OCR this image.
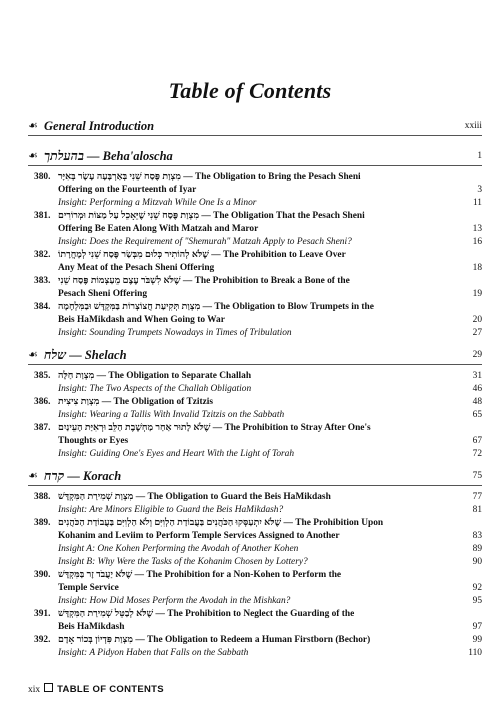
Table of Contents
☙ General Introduction	xxiii
☙ בהעלתך — Beha'aloscha	1
380. מִצְוַת פֶּסַח שֵׁנִי בְּאַרְבָּעָה עָשָׂר בְּאִיָּר — The Obligation to Bring the Pesach Sheni
Offering on the Fourteenth of Iyar	3
Insight: Performing a Mitzvah While One Is a Minor	11
381. מִצְוַת פֶּסַח שֵׁנִי שֶׁיֵּאָכֵל עַל מַצּוֹת וּמְרוֹרִים — The Obligation That the Pesach Sheni
Offering Be Eaten Along With Matzah and Maror	13
Insight: Does the Requirement of "Shemurah" Matzah Apply to Pesach Sheni?	16
382. שֶׁלֹּא לְהוֹתִיר כְּלוּם מִבְּשַׂר פֶּסַח שֵׁנִי לְמָחֳרָתוֹ — The Prohibition to Leave Over
Any Meat of the Pesach Sheni Offering	18
383. שֶׁלֹּא לִשְׁבֹּר עֶצֶם מֵעַצְמוֹת פֶּסַח שֵׁנִי — The Prohibition to Break a Bone of the
Pesach Sheni Offering	19
384. מִצְוַת תְּקִיעַת חֲצוֹצְרוֹת בַּמִּקְדָּשׁ וּבַמִּלְחָמָה — The Obligation to Blow Trumpets in the
Beis HaMikdash and When Going to War	20
Insight: Sounding Trumpets Nowadays in Times of Tribulation	27
☙ שלח — Shelach	29
385. מִצְוַת חַלָּה — The Obligation to Separate Challah	31
Insight: The Two Aspects of the Challah Obligation	46
386. מִצְוַת צִיצִית — The Obligation of Tzitzis	48
Insight: Wearing a Tallis With Invalid Tzitzis on the Sabbath	65
387. שֶׁלֹּא לָתוּר אַחַר מַחְשֶׁבֶת הַלֵּב וּרְאִיַּת הָעֵינַיִם — The Prohibition to Stray After One's
Thoughts or Eyes	67
Insight: Guiding One's Eyes and Heart With the Light of Torah	72
☙ קרח — Korach	75
388. מִצְוַת שְׁמִירַת הַמִּקְדָּשׁ — The Obligation to Guard the Beis HaMikdash	77
Insight: Are Minors Eligible to Guard the Beis HaMikdash?	81
389. שֶׁלֹּא יִתְעַסְּקוּ הַכֹּהֲנִים בַּעֲבוֹדַת הַלְוִיִּם וְלֹא הַלְוִיִּם בַּעֲבוֹדַת הַכֹּהֲנִים — The Prohibition Upon
Kohanim and Leviim to Perform Temple Services Assigned to Another	83
Insight A: One Kohen Performing the Avodah of Another Kohen	89
Insight B: Why Were the Tasks of the Kohanim Chosen by Lottery?	90
390. שֶׁלֹּא יַעֲבֹד זָר בַּמִּקְדָּשׁ — The Prohibition for a Non-Kohen to Perform the
Temple Service	92
Insight: How Did Moses Perform the Avodah in the Mishkan?	95
391. שֶׁלֹּא לְבַטֵּל שְׁמִירַת הַמִּקְדָּשׁ — The Prohibition to Neglect the Guarding of the
Beis HaMikdash	97
392. מִצְוַת פִּדְיוֹן בְּכוֹר אָדָם — The Obligation to Redeem a Human Firstborn (Bechor)	99
Insight: A Pidyon Haben that Falls on the Sabbath	110
xix TABLE OF CONTENTS
